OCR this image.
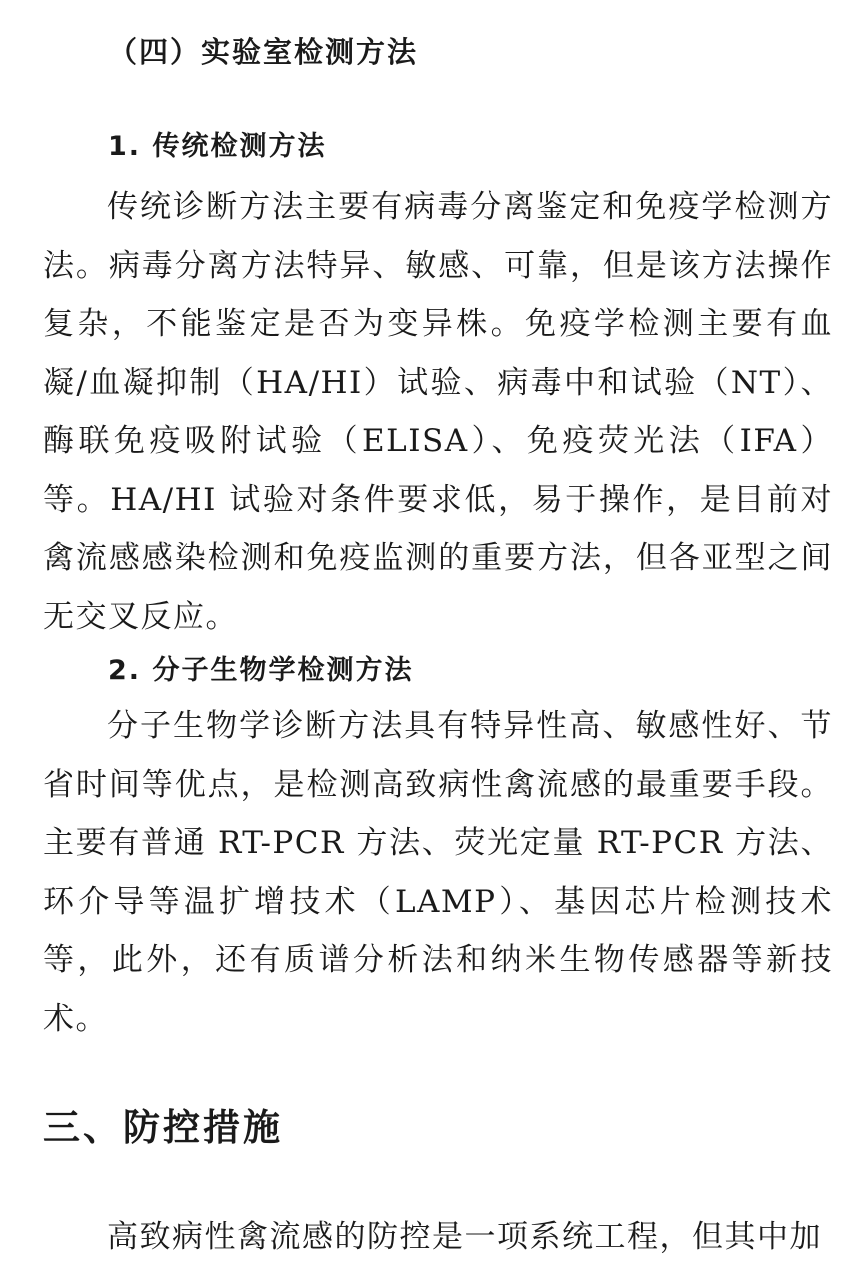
（四）实验室检测方法
1. 传统检测方法

传统诊断方法主要有病毒分离鉴定和免疫学检测方法。病毒分离方法特异、敏感、可靠，但是该方法操作复杂，不能鉴定是否为变异株。免疫学检测主要有血凝/血凝抑制（HA/HI）试验、病毒中和试验（NT）、酶联免疫吸附试验（ELISA）、免疫荧光法（IFA）等。HA/HI 试验对条件要求低，易于操作，是目前对禽流感感染检测和免疫监测的重要方法，但各亚型之间无交叉反应。

2. 分子生物学检测方法

分子生物学诊断方法具有特异性高、敏感性好、节省时间等优点，是检测高致病性禽流感的最重要手段。主要有普通 RT-PCR 方法、荧光定量 RT-PCR 方法、环介导等温扩增技术（LAMP）、基因芯片检测技术等，此外，还有质谱分析法和纳米生物传感器等新技术。

三、防控措施

高致病性禽流感的防控是一项系统工程，但其中加
